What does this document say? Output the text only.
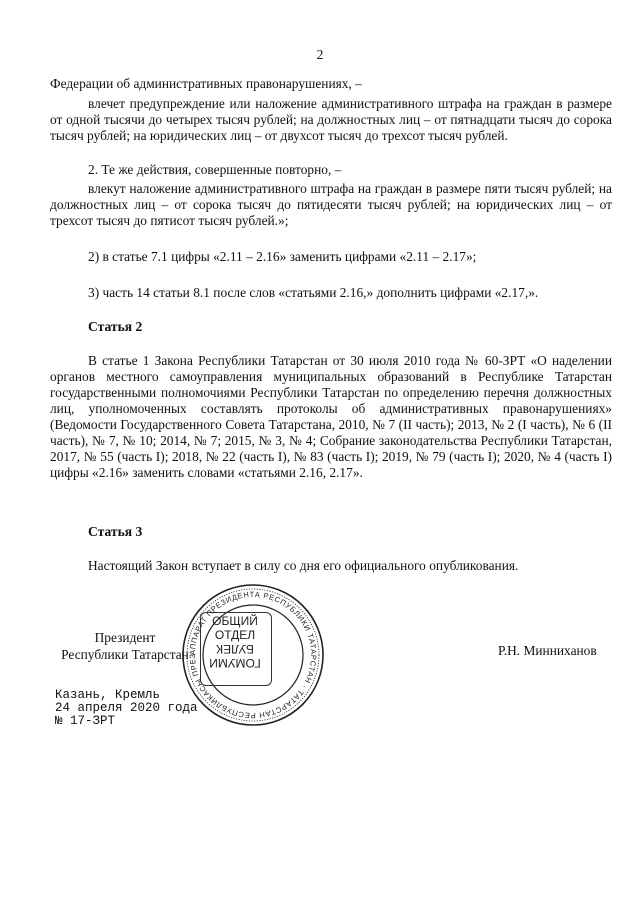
2

Федерации об административных правонарушениях, –

влечет предупреждение или наложение административного штрафа на граждан в размере от одной тысячи до четырех тысяч рублей; на должностных лиц – от пятнадцати тысяч до сорока тысяч рублей; на юридических лиц – от двухсот тысяч до трехсот тысяч рублей.

2. Те же действия, совершенные повторно, –

влекут наложение административного штрафа на граждан в размере пяти тысяч рублей; на должностных лиц – от сорока тысяч до пятидесяти тысяч рублей; на юридических лиц – от трехсот тысяч до пятисот тысяч рублей.»;

2) в статье 7.1 цифры «2.11 – 2.16» заменить цифрами «2.11 – 2.17»;

3) часть 14 статьи 8.1 после слов «статьями 2.16,» дополнить цифрами «2.17,».

Статья 2

В статье 1 Закона Республики Татарстан от 30 июля 2010 года № 60-ЗРТ «О наделении органов местного самоуправления муниципальных образований в Республике Татарстан государственными полномочиями Республики Татарстан по определению перечня должностных лиц, уполномоченных составлять протоколы об административных правонарушениях» (Ведомости Государственного Совета Татарстана, 2010, № 7 (II часть); 2013, № 2 (I часть), № 6 (II часть), № 7, № 10; 2014, № 7; 2015, № 3, № 4; Собрание законодательства Республики Татарстан, 2017, № 55 (часть I); 2018, № 22 (часть I), № 83 (часть I); 2019, № 79 (часть I); 2020, № 4 (часть I) цифры «2.16» заменить словами «статьями 2.16, 2.17».

Статья 3

Настоящий Закон вступает в силу со дня его официального опубликования.

АППАРАТ ПРЕЗИДЕНТА РЕСПУБЛИКИ ТАТАРСТАН · ТАТАРСТАН РЕСПУБЛИКАСЫ ПРЕЗ
ОБЩИЙ
ОТДЕЛ
БУЛЕК
ГОМУМИ
Президент
Республики Татарстан	Р.Н. Минниханов

Казань, Кремль

24 апреля 2020 года

№ 17-ЗРТ
